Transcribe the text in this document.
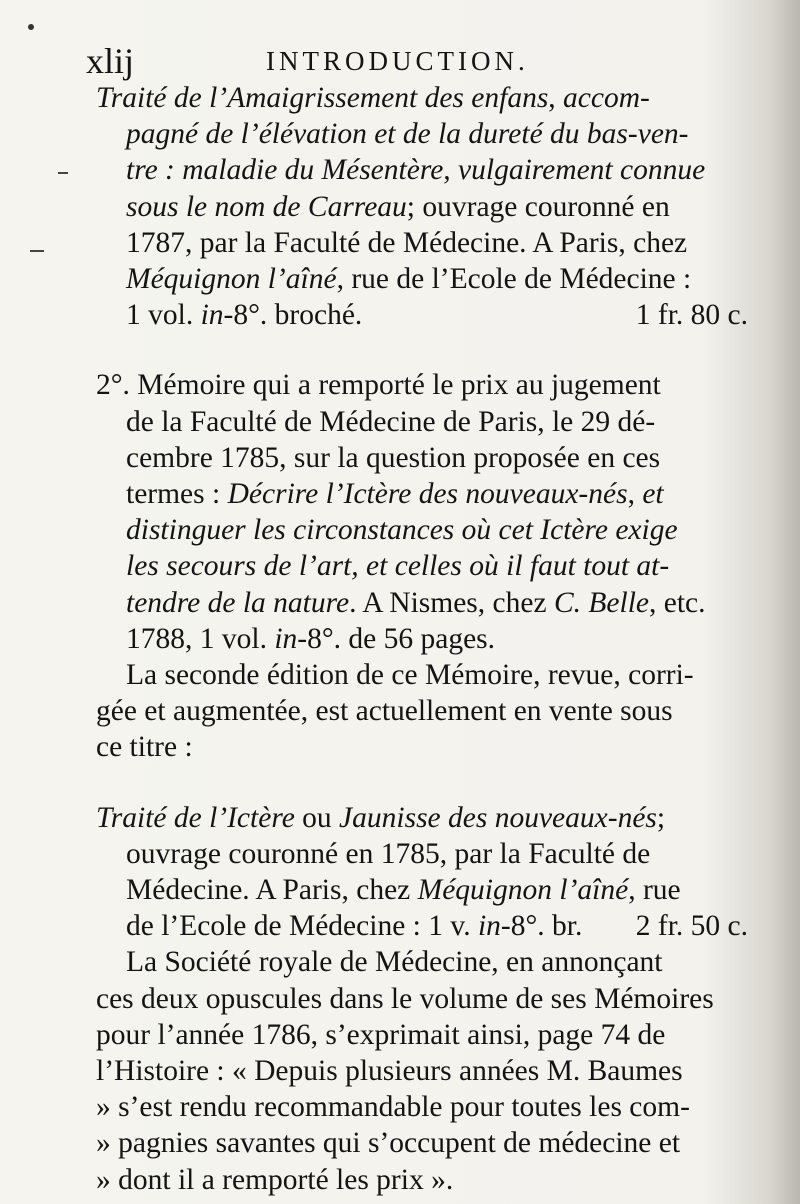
xlij	INTRODUCTION.
Traité de l’Amaigrissement des enfans, accom-
pagné de l’élévation et de la dureté du bas-ven-
tre : maladie du Mésentère, vulgairement connue
sous le nom de Carreau; ouvrage couronné en
1787, par la Faculté de Médecine. A Paris, chez
Méquignon l’aîné, rue de l’Ecole de Médecine :
1 vol. in-8°. broché.	1 fr. 80 c.
2°. Mémoire qui a remporté le prix au jugement
de la Faculté de Médecine de Paris, le 29 dé-
cembre 1785, sur la question proposée en ces
termes : Décrire l’Ictère des nouveaux-nés, et
distinguer les circonstances où cet Ictère exige
les secours de l’art, et celles où il faut tout at-
tendre de la nature. A Nismes, chez C. Belle, etc.
1788, 1 vol. in-8°. de 56 pages.
La seconde édition de ce Mémoire, revue, corri-
gée et augmentée, est actuellement en vente sous
ce titre :
Traité de l’Ictère ou Jaunisse des nouveaux-nés;
ouvrage couronné en 1785, par la Faculté de
Médecine. A Paris, chez Méquignon l’aîné, rue
de l’Ecole de Médecine : 1 v. in-8°. br. 2 fr. 50 c.
La Société royale de Médecine, en annonçant
ces deux opuscules dans le volume de ses Mémoires
pour l’année 1786, s’exprimait ainsi, page 74 de
l’Histoire : « Depuis plusieurs années M. Baumes
» s’est rendu recommandable pour toutes les com-
» pagnies savantes qui s’occupent de médecine et
» dont il a remporté les prix ».
